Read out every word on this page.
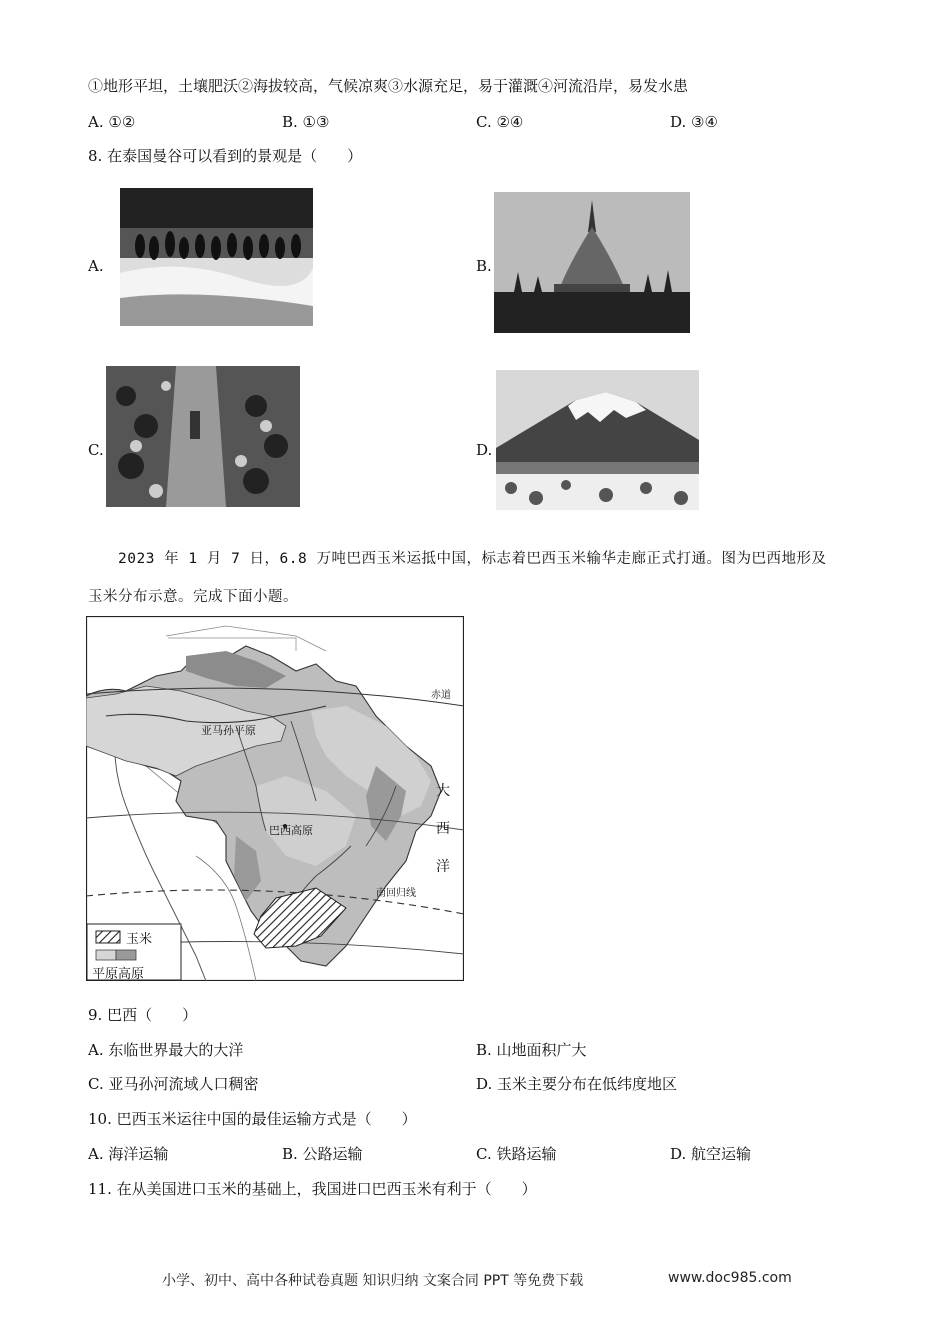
①地形平坦，土壤肥沃②海拔较高，气候凉爽③水源充足，易于灌溉④河流沿岸，易发水患
A. ①②	B. ①③	C. ②④	D. ③④
8. 在泰国曼谷可以看到的景观是（　　）
A.	B.
C.	D.
2023 年 1 月 7 日，6.8 万吨巴西玉米运抵中国，标志着巴西玉米输华走廊正式打通。图为巴西地形及
玉米分布示意。完成下面小题。
赤道
南回归线
亚马孙平原
巴西高原
大
西
洋
玉米
平原高原
9. 巴西（　　）
A. 东临世界最大的大洋	B. 山地面积广大
C. 亚马孙河流域人口稠密	D. 玉米主要分布在低纬度地区
10. 巴西玉米运往中国的最佳运输方式是（　　）
A. 海洋运输	B. 公路运输	C. 铁路运输	D. 航空运输
11. 在从美国进口玉米的基础上，我国进口巴西玉米有利于（　　）
小学、初中、高中各种试卷真题 知识归纳 文案合同 PPT 等免费下载	www.doc985.com
